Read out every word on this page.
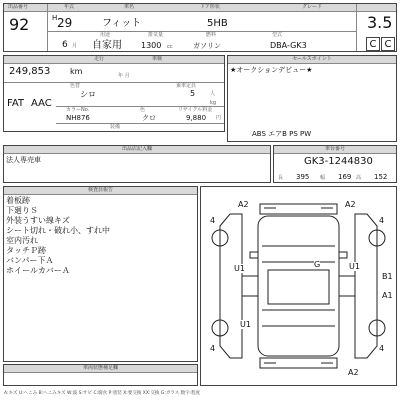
出品番号	年式	車名	ドア形状	グレード
92	H 29	フィット	5HB	3.5
用途	排気量	燃料	型式
6 月 自家用 1300 cc	ガソリン	DBA-GK3	C C
走行	車検
249,853 km	年 月
色替	乗車定員
シロ	5	人
kg
FAT AAC
カラーNo.	色	リサイクル料金
NH876	クロ	9,880 円
装備
セールスポイント
★オークションデビュー★
ABS エアB PS PW
出品店記入欄
法人専売車
車台番号
GK3-1244830
長 395 幅 169 高 152
検査員報告
着板跡
下廻りＳ
外装うすい線キズ
シート切れ・破れ小、すれ中
室内汚れ
タッチＰ跡
バンパー下Ａ
ホイールカバーＡ
A2	A2
4	4
G
U1	U1
B1
A1
U1
4	4
A2
車両状態補足欄
A:キズ U:へこみ B:へこみキズ W:波 S:サビ C:腐食 P:塗装 X:要交換 XX:交換 G:ガラス 数字:程度
